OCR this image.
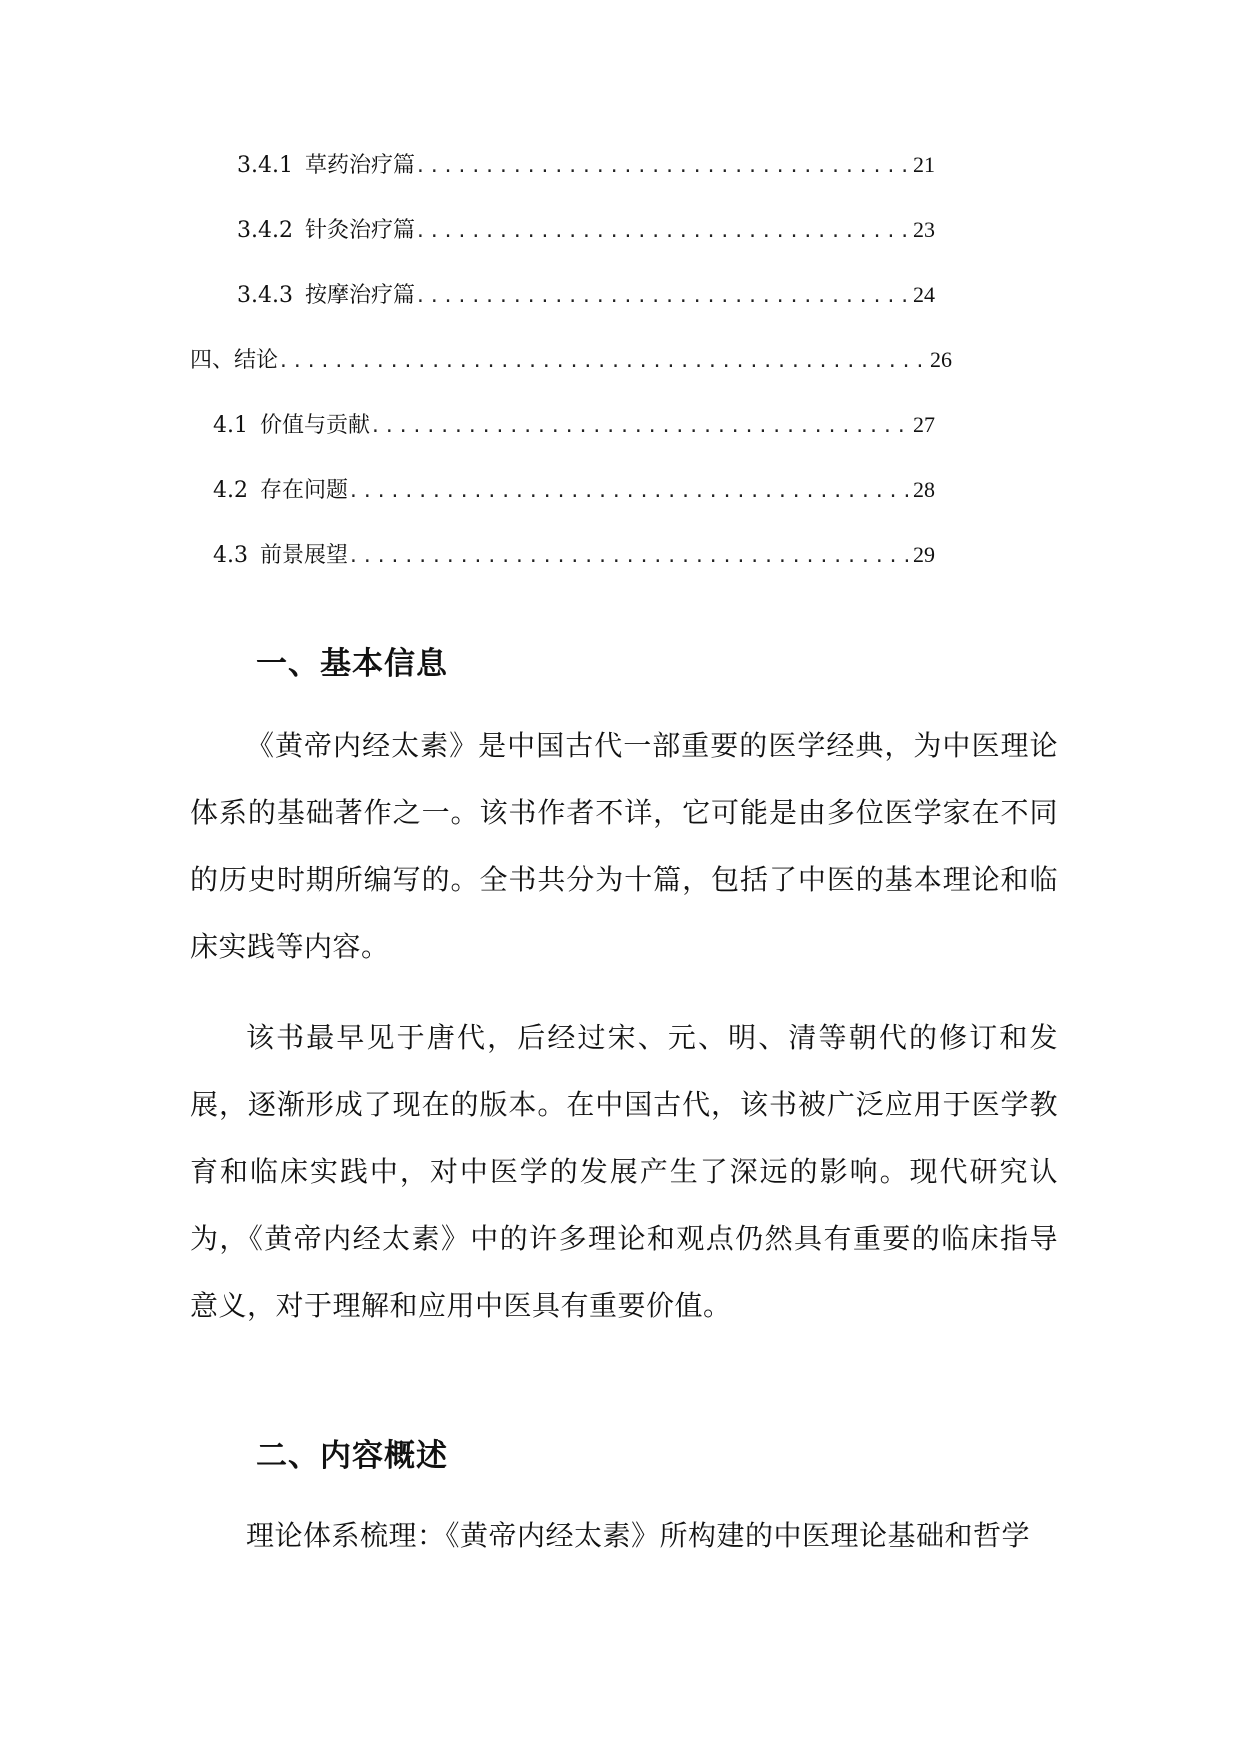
3.4.1 草药治疗篇 .....	21
3.4.2 针灸治疗篇 .....	23
3.4.3 按摩治疗篇 .....	24
四、结论 .....	26
4.1 价值与贡献 .....	27
4.2 存在问题 .....	28
4.3 前景展望 .....	29
一、基本信息

《黄帝内经太素》是中国古代一部重要的医学经典，为中医理论体系的基础著作之一。该书作者不详，它可能是由多位医学家在不同的历史时期所编写的。全书共分为十篇，包括了中医的基本理论和临床实践等内容。

该书最早见于唐代，后经过宋、元、明、清等朝代的修订和发展，逐渐形成了现在的版本。在中国古代，该书被广泛应用于医学教育和临床实践中，对中医学的发展产生了深远的影响。现代研究认为，《黄帝内经太素》中的许多理论和观点仍然具有重要的临床指导意义，对于理解和应用中医具有重要价值。

二、内容概述

理论体系梳理：《黄帝内经太素》所构建的中医理论基础和哲学
